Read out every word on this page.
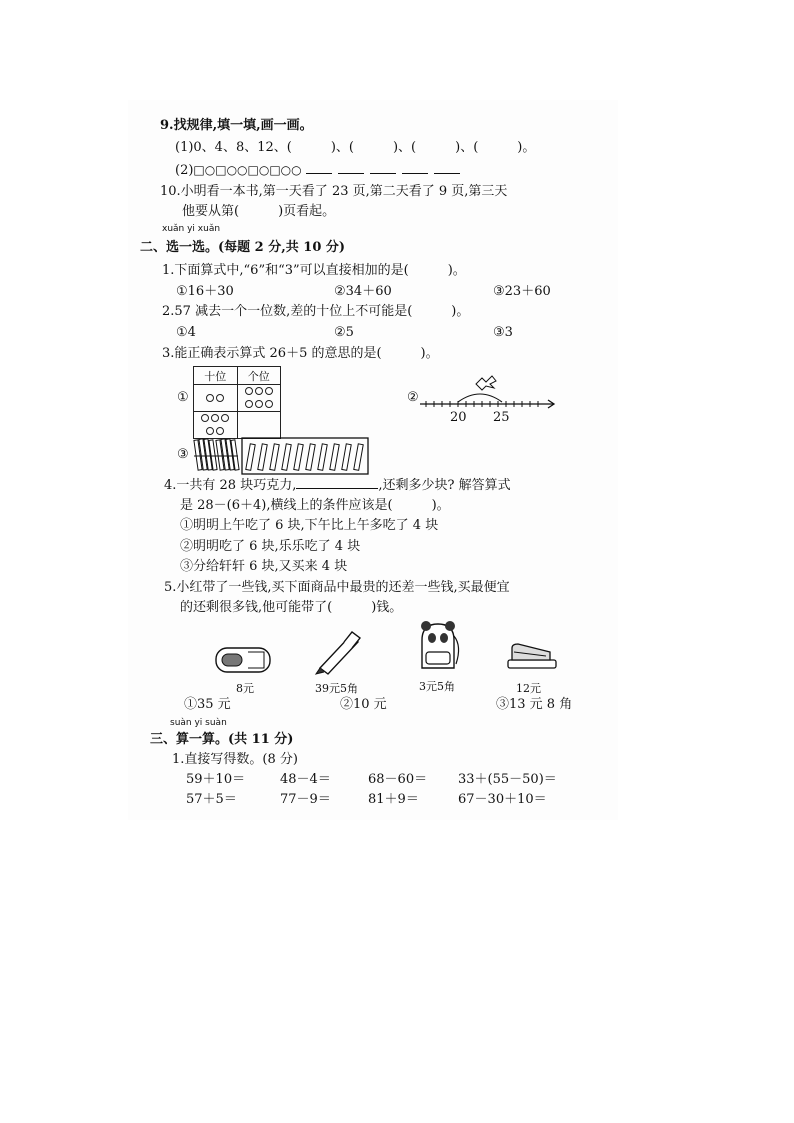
9.找规律,填一填,画一画。
(1)0、4、8、12、(　　　)、(　　　)、(　　　)、(　　　)。
(2)□○□○○□○□○○
10.小明看一本书,第一天看了 23 页,第二天看了 9 页,第三天
他要从第(　　　)页看起。
xuǎn yi xuǎn
二、选一选。(每题 2 分,共 10 分)
1.下面算式中,“6”和“3”可以直接相加的是(　　　)。
①16＋30	②34＋60	③23＋60
2.57 减去一个一位数,差的十位上不可能是(　　　)。
①4	②5	③3
3.能正确表示算式 26＋5 的意思的是(　　　)。
①
十位	个位

②
20 25
③
4.一共有 28 块巧克力,	,还剩多少块? 解答算式
是 28－(6＋4),横线上的条件应该是(　　　)。
①明明上午吃了 6 块,下午比上午多吃了 4 块
②明明吃了 6 块,乐乐吃了 4 块
③分给轩轩 6 块,又买来 4 块
5.小红带了一些钱,买下面商品中最贵的还差一些钱,买最便宜
的还剩很多钱,他可能带了(　　　)钱。
8元	39元5角	3元5角	12元
①35 元	②10 元	③13 元 8 角
suàn yi suàn
三、算一算。(共 11 分)
1.直接写得数。(8 分)
59＋10＝	48－4＝	68－60＝ 33＋(55－50)＝
57＋5＝	77－9＝	81＋9＝	67－30＋10＝
